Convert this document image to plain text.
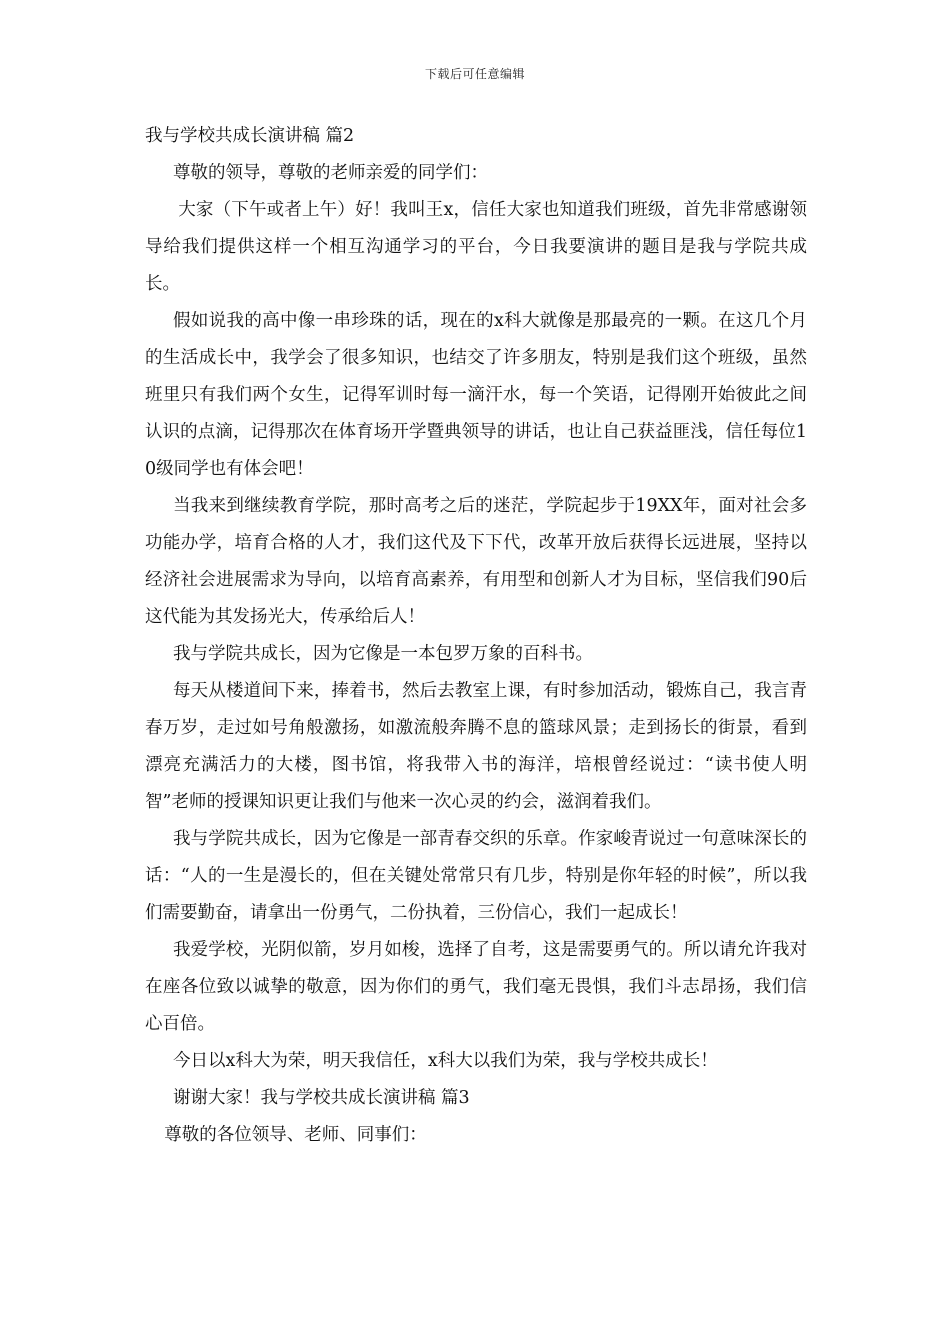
下载后可任意编辑

我与学校共成长演讲稿 篇2

尊敬的领导，尊敬的老师亲爱的同学们：

大家（下午或者上午）好！我叫王x，信任大家也知道我们班级，首先非常感谢领导给我们提供这样一个相互沟通学习的平台，今日我要演讲的题目是我与学院共成长。

假如说我的高中像一串珍珠的话，现在的x科大就像是那最亮的一颗。在这几个月的生活成长中，我学会了很多知识，也结交了许多朋友，特别是我们这个班级，虽然班里只有我们两个女生，记得军训时每一滴汗水，每一个笑语，记得刚开始彼此之间认识的点滴，记得那次在体育场开学暨典领导的讲话，也让自己获益匪浅，信任每位10级同学也有体会吧！

当我来到继续教育学院，那时高考之后的迷茫，学院起步于19XX年，面对社会多功能办学，培育合格的人才，我们这代及下下代，改革开放后获得长远进展，坚持以经济社会进展需求为导向，以培育高素养，有用型和创新人才为目标，坚信我们90后这代能为其发扬光大，传承给后人！

我与学院共成长，因为它像是一本包罗万象的百科书。

每天从楼道间下来，捧着书，然后去教室上课，有时参加活动，锻炼自己，我言青春万岁，走过如号角般激扬，如激流般奔腾不息的篮球风景；走到扬长的街景，看到漂亮充满活力的大楼，图书馆，将我带入书的海洋，培根曾经说过：“读书使人明智”老师的授课知识更让我们与他来一次心灵的约会，滋润着我们。

我与学院共成长，因为它像是一部青春交织的乐章。作家峻青说过一句意味深长的话：“人的一生是漫长的，但在关键处常常只有几步，特别是你年轻的时候”，所以我们需要勤奋，请拿出一份勇气，二份执着，三份信心，我们一起成长！

我爱学校，光阴似箭，岁月如梭，选择了自考，这是需要勇气的。所以请允许我对在座各位致以诚挚的敬意，因为你们的勇气，我们毫无畏惧，我们斗志昂扬，我们信心百倍。

今日以x科大为荣，明天我信任，x科大以我们为荣，我与学校共成长！

谢谢大家！我与学校共成长演讲稿 篇3

尊敬的各位领导、老师、同事们：
